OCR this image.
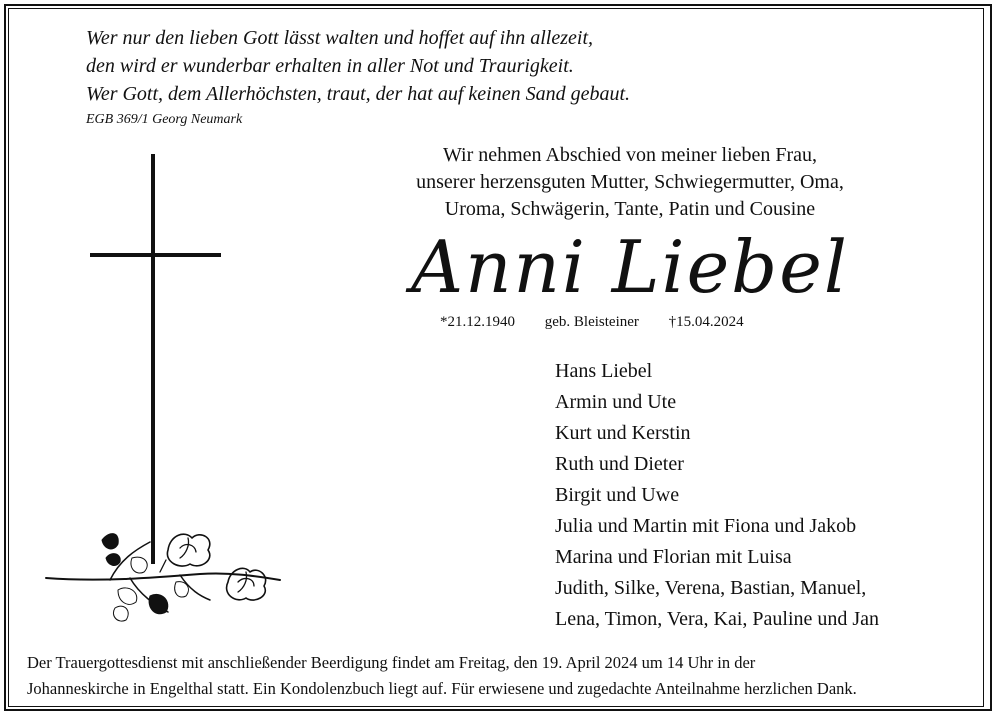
Wer nur den lieben Gott lässt walten und hoffet auf ihn allezeit,
den wird er wunderbar erhalten in aller Not und Traurigkeit.
Wer Gott, dem Allerhöchsten, traut, der hat auf keinen Sand gebaut.
EGB 369/1 Georg Neumark
Wir nehmen Abschied von meiner lieben Frau,
unserer herzensguten Mutter, Schwiegermutter, Oma,
Uroma, Schwägerin, Tante, Patin und Cousine
Anni Liebel
*21.12.1940 geb. Bleisteiner †15.04.2024
Hans Liebel
Armin und Ute
Kurt und Kerstin
Ruth und Dieter
Birgit und Uwe
Julia und Martin mit Fiona und Jakob
Marina und Florian mit Luisa
Judith, Silke, Verena, Bastian, Manuel,
Lena, Timon, Vera, Kai, Pauline und Jan
Der Trauergottesdienst mit anschließender Beerdigung findet am Freitag, den 19. April 2024 um 14 Uhr in der
Johanneskirche in Engelthal statt. Ein Kondolenzbuch liegt auf. Für erwiesene und zugedachte Anteilnahme herzlichen Dank.
